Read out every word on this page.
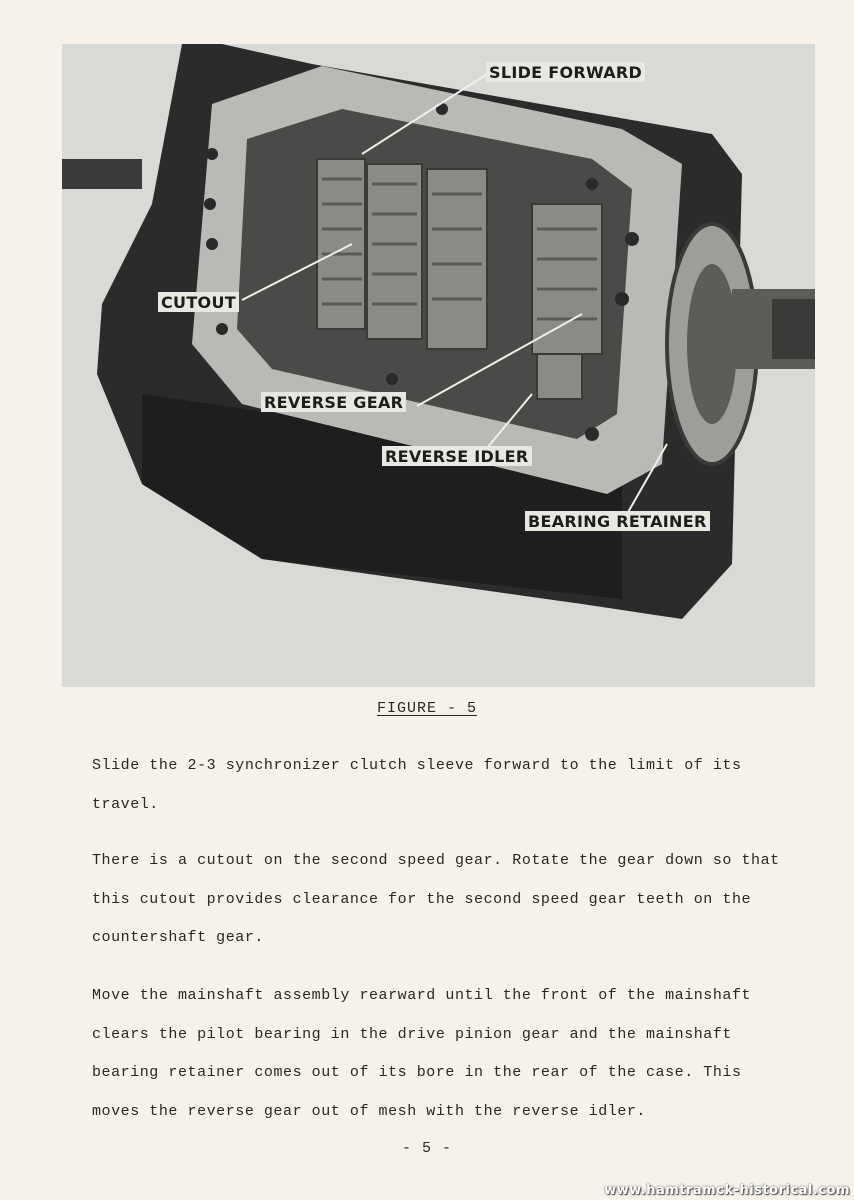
SLIDE FORWARD
CUTOUT
REVERSE GEAR
REVERSE IDLER
BEARING RETAINER
FIGURE - 5

Slide the 2-3 synchronizer clutch sleeve forward to the limit of its travel.

There is a cutout on the second speed gear. Rotate the gear down so that this cutout provides clearance for the second speed gear teeth on the countershaft gear.

Move the mainshaft assembly rearward until the front of the mainshaft clears the pilot bearing in the drive pinion gear and the mainshaft bearing retainer comes out of its bore in the rear of the case. This moves the reverse gear out of mesh with the reverse idler.

- 5 -
www.hamtramck-historical.com
